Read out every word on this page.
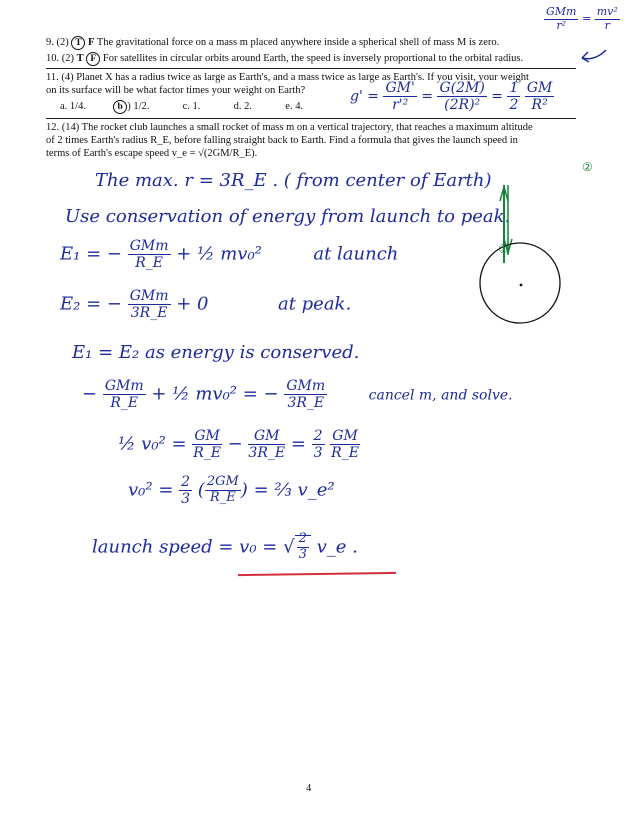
9. (2) T F The gravitational force on a mass m placed anywhere inside a spherical shell of mass M is zero.
10. (2) T F For satellites in circular orbits around Earth, the speed is inversely proportional to the orbital radius.
11. (4) Planet X has a radius twice as large as Earth's, and a mass twice as large as Earth's. If you visit, your weight
on its surface will be what factor times your weight on Earth?
a. 1/4.	b ) 1/2.	c. 1.	d. 2.	e. 4.
12. (14) The rocket club launches a small rocket of mass m on a vertical trajectory, that reaches a maximum altitude
of 2 times Earth's radius R_E, before falling straight back to Earth. Find a formula that gives the launch speed in
terms of Earth's escape speed v_e = √(2GM/R_E).
$\frac{\text{GMm}}{\text{r²}} = \frac{\text{mv²}}{r}$
$g' = \frac{GM'}{\text{r'²}} = \frac{G(2M)}{\text{(2R)²}} = \frac{1}{2}$
$\frac{GM}{\text{R²}}$
The max. r = 3R_E . ( from center of Earth)
Use conservation of energy from launch to peak.
E₁ = − $\frac{\text{GMm}}{R\_E}$ + ½ mv₀²	at launch
E₂ = − $\frac{\text{GMm}}{3R\_E} + 0$	at peak.
E₁ = E₂ as energy is conserved.
− $\frac{\text{GMm}}{R\_E}$ + ½ mv₀² = − $\frac{\text{GMm}}{3R\_E}$	cancel m, and solve.
½ $v_0^2 = \frac{GM}{R\_E} - \frac{GM}{3R\_E} = \frac{2}{3}$
$\frac{GM}{R\_E}$
$v_0^2 = \frac{2}{3}$ ( $\frac{2GM}{R\_E}$ ) = ⅔ v_e²
launch speed = v₀ = √ $\frac{2}{3}$ v_e .
①
②
4
